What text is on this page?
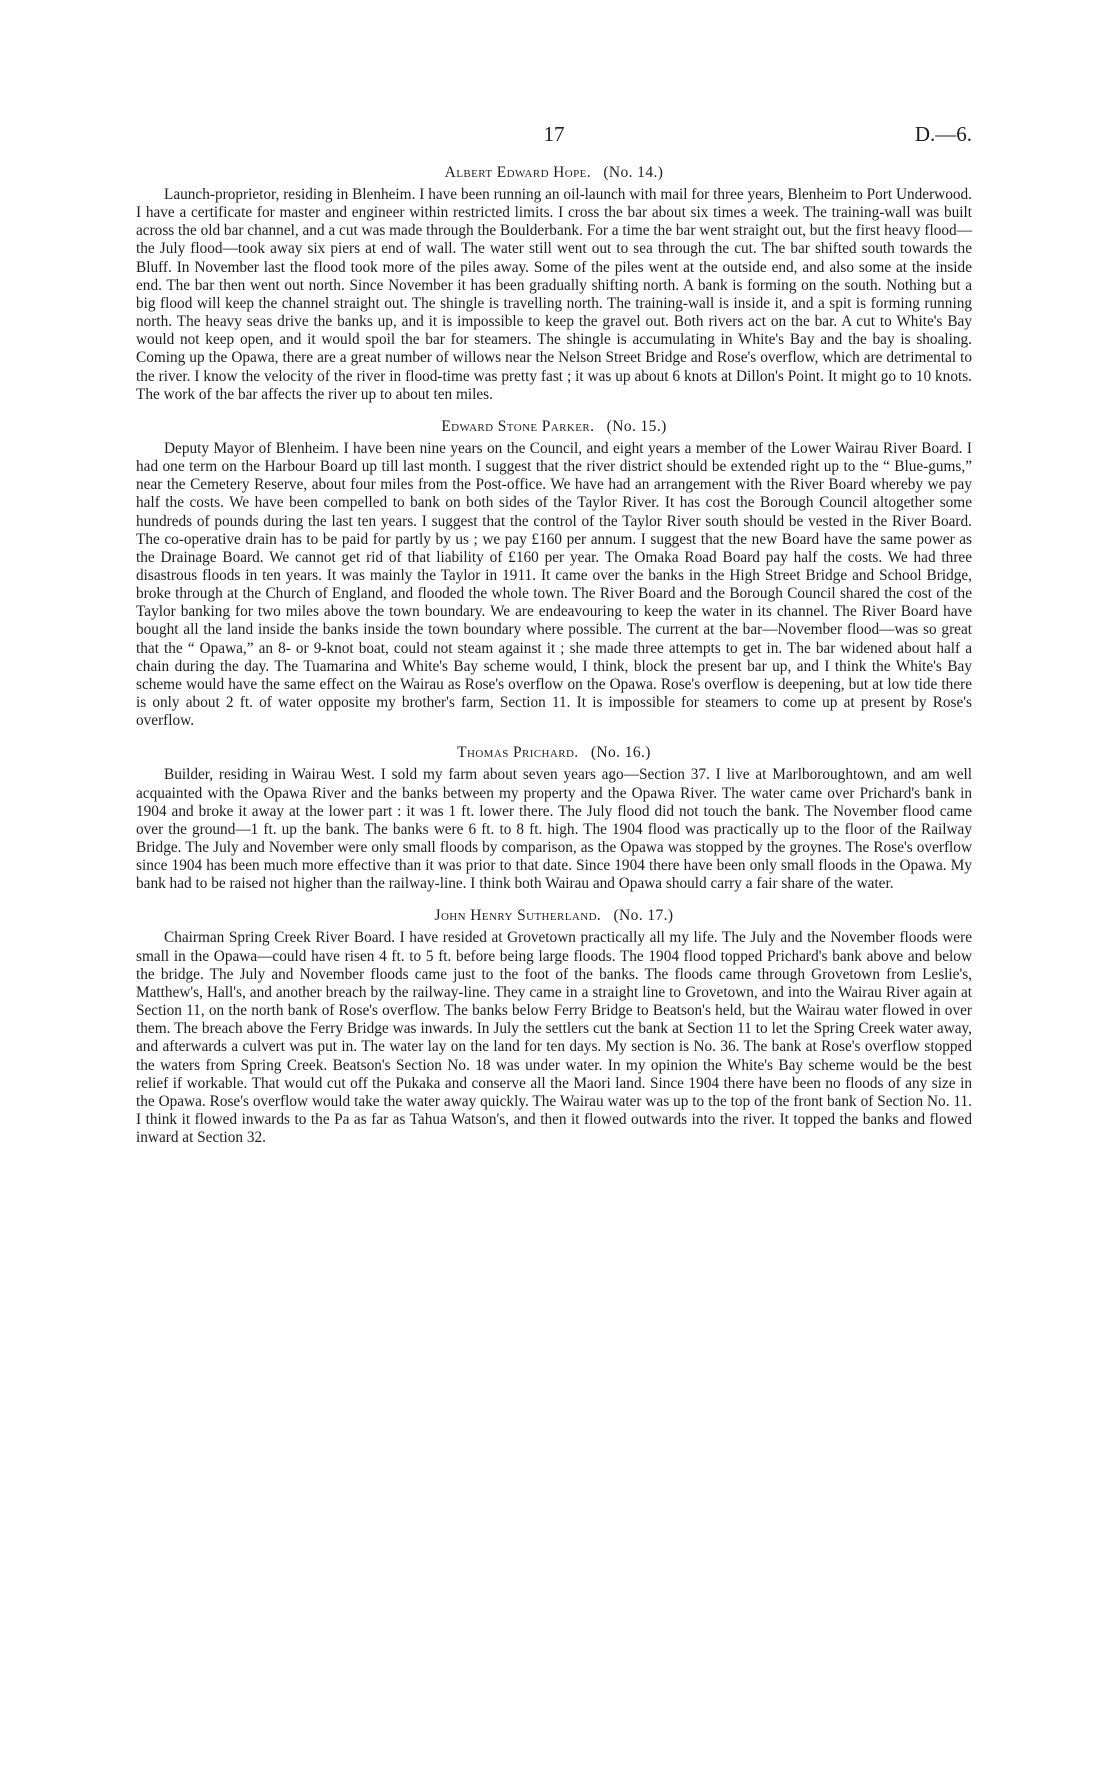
17	D.—6.
Albert Edward Hope. (No. 14.)

Launch-proprietor, residing in Blenheim. I have been running an oil-launch with mail for three years, Blenheim to Port Underwood. I have a certificate for master and engineer within restricted limits. I cross the bar about six times a week. The training-wall was built across the old bar channel, and a cut was made through the Boulderbank. For a time the bar went straight out, but the first heavy flood—the July flood—took away six piers at end of wall. The water still went out to sea through the cut. The bar shifted south towards the Bluff. In November last the flood took more of the piles away. Some of the piles went at the outside end, and also some at the inside end. The bar then went out north. Since November it has been gradually shifting north. A bank is forming on the south. Nothing but a big flood will keep the channel straight out. The shingle is travelling north. The training-wall is inside it, and a spit is forming running north. The heavy seas drive the banks up, and it is impossible to keep the gravel out. Both rivers act on the bar. A cut to White's Bay would not keep open, and it would spoil the bar for steamers. The shingle is accumulating in White's Bay and the bay is shoaling. Coming up the Opawa, there are a great number of willows near the Nelson Street Bridge and Rose's overflow, which are detrimental to the river. I know the velocity of the river in flood-time was pretty fast ; it was up about 6 knots at Dillon's Point. It might go to 10 knots. The work of the bar affects the river up to about ten miles.

Edward Stone Parker. (No. 15.)

Deputy Mayor of Blenheim. I have been nine years on the Council, and eight years a member of the Lower Wairau River Board. I had one term on the Harbour Board up till last month. I suggest that the river district should be extended right up to the “ Blue-gums,” near the Cemetery Reserve, about four miles from the Post-office. We have had an arrangement with the River Board whereby we pay half the costs. We have been compelled to bank on both sides of the Taylor River. It has cost the Borough Council altogether some hundreds of pounds during the last ten years. I suggest that the control of the Taylor River south should be vested in the River Board. The co-operative drain has to be paid for partly by us ; we pay £160 per annum. I suggest that the new Board have the same power as the Drainage Board. We cannot get rid of that liability of £160 per year. The Omaka Road Board pay half the costs. We had three disastrous floods in ten years. It was mainly the Taylor in 1911. It came over the banks in the High Street Bridge and School Bridge, broke through at the Church of England, and flooded the whole town. The River Board and the Borough Council shared the cost of the Taylor banking for two miles above the town boundary. We are endeavouring to keep the water in its channel. The River Board have bought all the land inside the banks inside the town boundary where possible. The current at the bar—November flood—was so great that the “ Opawa,” an 8- or 9-knot boat, could not steam against it ; she made three attempts to get in. The bar widened about half a chain during the day. The Tuamarina and White's Bay scheme would, I think, block the present bar up, and I think the White's Bay scheme would have the same effect on the Wairau as Rose's overflow on the Opawa. Rose's overflow is deepening, but at low tide there is only about 2 ft. of water opposite my brother's farm, Section 11. It is impossible for steamers to come up at present by Rose's overflow.

Thomas Prichard. (No. 16.)

Builder, residing in Wairau West. I sold my farm about seven years ago—Section 37. I live at Marlboroughtown, and am well acquainted with the Opawa River and the banks between my property and the Opawa River. The water came over Prichard's bank in 1904 and broke it away at the lower part : it was 1 ft. lower there. The July flood did not touch the bank. The November flood came over the ground—1 ft. up the bank. The banks were 6 ft. to 8 ft. high. The 1904 flood was practically up to the floor of the Railway Bridge. The July and November were only small floods by comparison, as the Opawa was stopped by the groynes. The Rose's overflow since 1904 has been much more effective than it was prior to that date. Since 1904 there have been only small floods in the Opawa. My bank had to be raised not higher than the railway-line. I think both Wairau and Opawa should carry a fair share of the water.

John Henry Sutherland. (No. 17.)

Chairman Spring Creek River Board. I have resided at Grovetown practically all my life. The July and the November floods were small in the Opawa—could have risen 4 ft. to 5 ft. before being large floods. The 1904 flood topped Prichard's bank above and below the bridge. The July and November floods came just to the foot of the banks. The floods came through Grovetown from Leslie's, Matthew's, Hall's, and another breach by the railway-line. They came in a straight line to Grovetown, and into the Wairau River again at Section 11, on the north bank of Rose's overflow. The banks below Ferry Bridge to Beatson's held, but the Wairau water flowed in over them. The breach above the Ferry Bridge was inwards. In July the settlers cut the bank at Section 11 to let the Spring Creek water away, and afterwards a culvert was put in. The water lay on the land for ten days. My section is No. 36. The bank at Rose's overflow stopped the waters from Spring Creek. Beatson's Section No. 18 was under water. In my opinion the White's Bay scheme would be the best relief if workable. That would cut off the Pukaka and conserve all the Maori land. Since 1904 there have been no floods of any size in the Opawa. Rose's overflow would take the water away quickly. The Wairau water was up to the top of the front bank of Section No. 11. I think it flowed inwards to the Pa as far as Tahua Watson's, and then it flowed outwards into the river. It topped the banks and flowed inward at Section 32.
